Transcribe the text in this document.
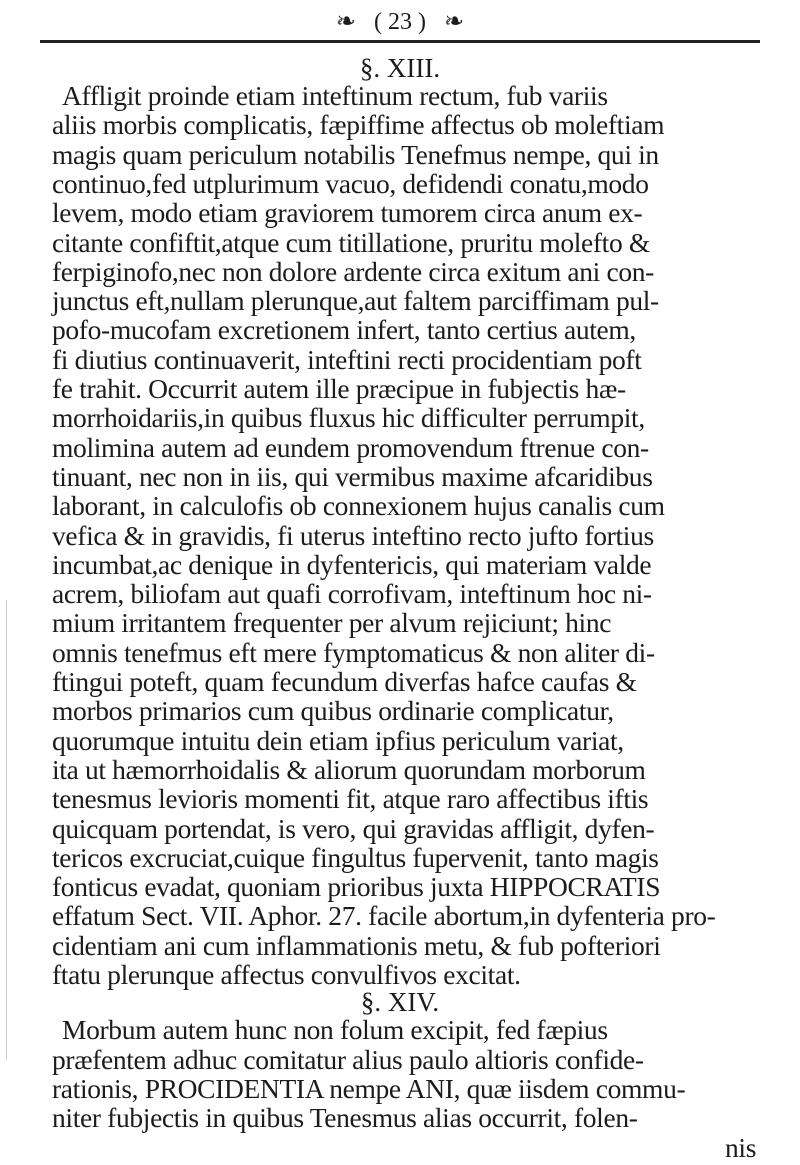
❧ ( 23 ) ❧
§. XIII.
Affligit proinde etiam inteftinum rectum, fub variis
aliis morbis complicatis, fæpiffime affectus ob moleftiam
magis quam periculum notabilis Tenefmus nempe, qui in
continuo,fed utplurimum vacuo, defidendi conatu,modo
levem, modo etiam graviorem tumorem circa anum ex-
citante confiftit,atque cum titillatione, pruritu molefto &
ferpiginofo,nec non dolore ardente circa exitum ani con-
junctus eft,nullam plerunque,aut faltem parciffimam pul-
pofo-mucofam excretionem infert, tanto certius autem,
fi diutius continuaverit, inteftini recti procidentiam poft
fe trahit. Occurrit autem ille præcipue in fubjectis hæ-
morrhoidariis,in quibus fluxus hic difficulter perrumpit,
molimina autem ad eundem promovendum ftrenue con-
tinuant, nec non in iis, qui vermibus maxime afcaridibus
laborant, in calculofis ob connexionem hujus canalis cum
vefica & in gravidis, fi uterus inteftino recto jufto fortius
incumbat,ac denique in dyfentericis, qui materiam valde
acrem, biliofam aut quafi corrofivam, inteftinum hoc ni-
mium irritantem frequenter per alvum rejiciunt; hinc
omnis tenefmus eft mere fymptomaticus & non aliter di-
ftingui poteft, quam fecundum diverfas hafce caufas &
morbos primarios cum quibus ordinarie complicatur,
quorumque intuitu dein etiam ipfius periculum variat,
ita ut hæmorrhoidalis & aliorum quorundam morborum
tenesmus levioris momenti fit, atque raro affectibus iftis
quicquam portendat, is vero, qui gravidas affligit, dyfen-
tericos excruciat,cuique fingultus fupervenit, tanto magis
fonticus evadat, quoniam prioribus juxta HIPPOCRATIS
effatum Sect. VII. Aphor. 27. facile abortum,in dyfenteria pro-
cidentiam ani cum inflammationis metu, & fub pofteriori
ftatu plerunque affectus convulfivos excitat.
§. XIV.
Morbum autem hunc non folum excipit, fed fæpius
præfentem adhuc comitatur alius paulo altioris confide-
rationis, PROCIDENTIA nempe ANI, quæ iisdem commu-
niter fubjectis in quibus Tenesmus alias occurrit, folen-
nis
